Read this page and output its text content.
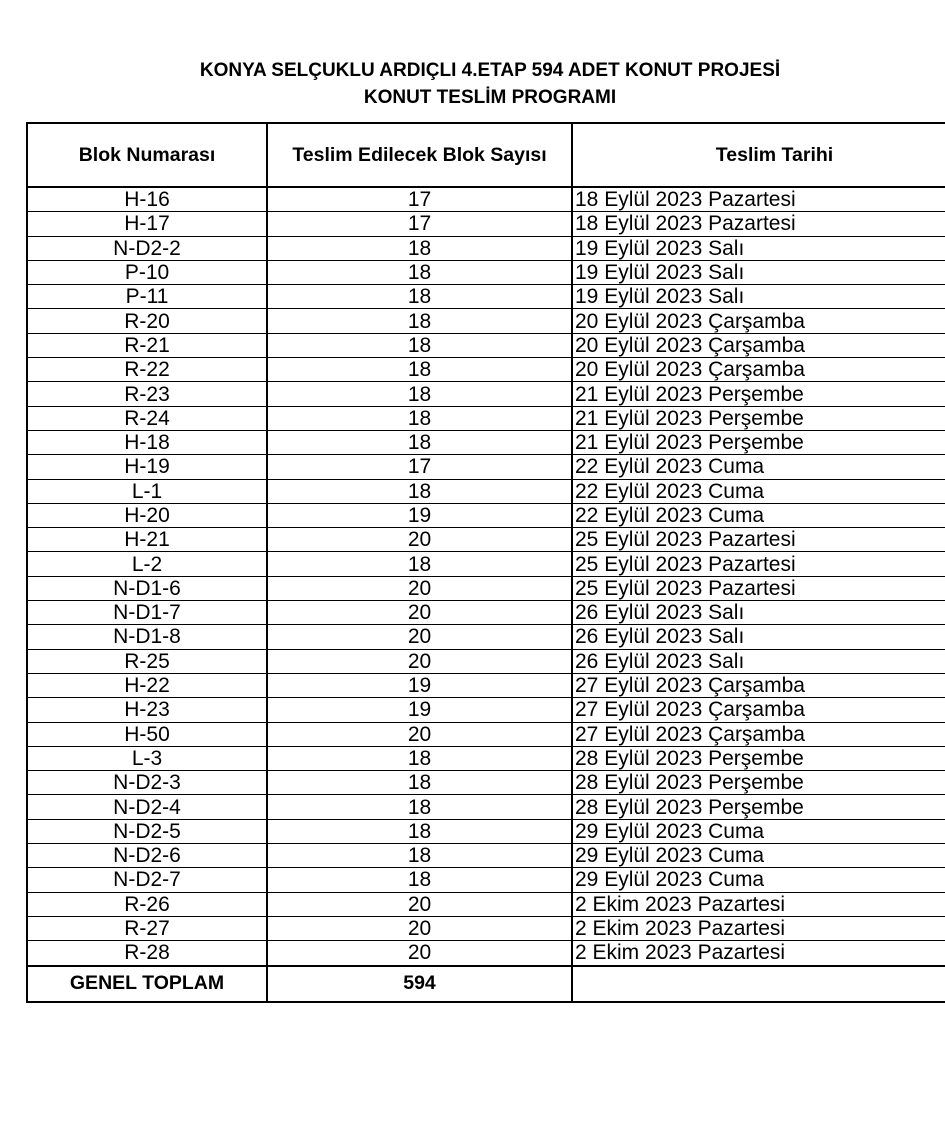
KONYA SELÇUKLU ARDIÇLI 4.ETAP 594 ADET KONUT PROJESİ
KONUT TESLİM PROGRAMI
Blok Numarası	Teslim Edilecek Blok Sayısı	Teslim Tarihi
H-16	17	18 Eylül 2023 Pazartesi
H-17	17	18 Eylül 2023 Pazartesi
N-D2-2	18	19 Eylül 2023 Salı
P-10	18	19 Eylül 2023 Salı
P-11	18	19 Eylül 2023 Salı
R-20	18	20 Eylül 2023 Çarşamba
R-21	18	20 Eylül 2023 Çarşamba
R-22	18	20 Eylül 2023 Çarşamba
R-23	18	21 Eylül 2023 Perşembe
R-24	18	21 Eylül 2023 Perşembe
H-18	18	21 Eylül 2023 Perşembe
H-19	17	22 Eylül 2023 Cuma
L-1	18	22 Eylül 2023 Cuma
H-20	19	22 Eylül 2023 Cuma
H-21	20	25 Eylül 2023 Pazartesi
L-2	18	25 Eylül 2023 Pazartesi
N-D1-6	20	25 Eylül 2023 Pazartesi
N-D1-7	20	26 Eylül 2023 Salı
N-D1-8	20	26 Eylül 2023 Salı
R-25	20	26 Eylül 2023 Salı
H-22	19	27 Eylül 2023 Çarşamba
H-23	19	27 Eylül 2023 Çarşamba
H-50	20	27 Eylül 2023 Çarşamba
L-3	18	28 Eylül 2023 Perşembe
N-D2-3	18	28 Eylül 2023 Perşembe
N-D2-4	18	28 Eylül 2023 Perşembe
N-D2-5	18	29 Eylül 2023 Cuma
N-D2-6	18	29 Eylül 2023 Cuma
N-D2-7	18	29 Eylül 2023 Cuma
R-26	20	2 Ekim 2023 Pazartesi
R-27	20	2 Ekim 2023 Pazartesi
R-28	20	2 Ekim 2023 Pazartesi
GENEL TOPLAM	594	
